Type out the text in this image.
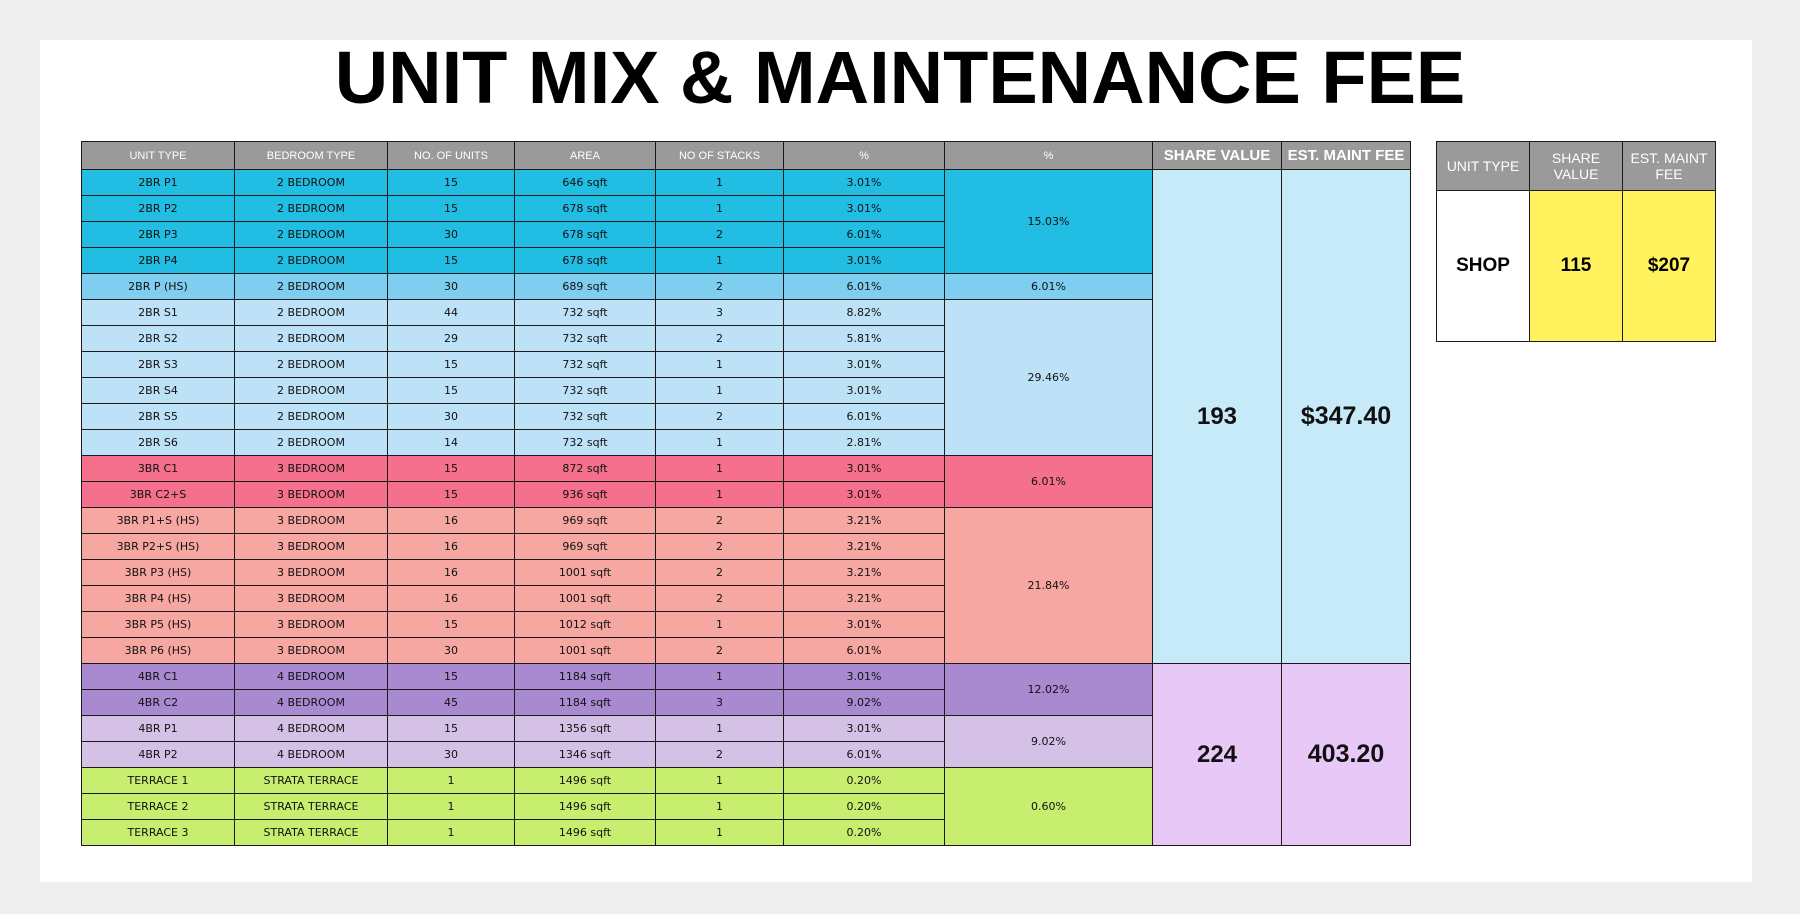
UNIT MIX & MAINTENANCE FEE
UNIT TYPE	BEDROOM TYPE	NO. OF UNITS	AREA	NO OF STACKS	%	%	SHARE VALUE	EST. MAINT FEE
2BR P1	2 BEDROOM	15	646 sqft	1	3.01%	15.03%	193	$347.40
2BR P2	2 BEDROOM	15	678 sqft	1	3.01%			
2BR P3	2 BEDROOM	30	678 sqft	2	6.01%			
2BR P4	2 BEDROOM	15	678 sqft	1	3.01%			
2BR P (HS)	2 BEDROOM	30	689 sqft	2	6.01%	6.01%		
2BR S1	2 BEDROOM	44	732 sqft	3	8.82%	29.46%		
2BR S2	2 BEDROOM	29	732 sqft	2	5.81%			
2BR S3	2 BEDROOM	15	732 sqft	1	3.01%			
2BR S4	2 BEDROOM	15	732 sqft	1	3.01%			
2BR S5	2 BEDROOM	30	732 sqft	2	6.01%			
2BR S6	2 BEDROOM	14	732 sqft	1	2.81%			
3BR C1	3 BEDROOM	15	872 sqft	1	3.01%	6.01%		
3BR C2+S	3 BEDROOM	15	936 sqft	1	3.01%			
3BR P1+S (HS)	3 BEDROOM	16	969 sqft	2	3.21%	21.84%		
3BR P2+S (HS)	3 BEDROOM	16	969 sqft	2	3.21%			
3BR P3 (HS)	3 BEDROOM	16	1001 sqft	2	3.21%			
3BR P4 (HS)	3 BEDROOM	16	1001 sqft	2	3.21%			
3BR P5 (HS)	3 BEDROOM	15	1012 sqft	1	3.01%			
3BR P6 (HS)	3 BEDROOM	30	1001 sqft	2	6.01%			
4BR C1	4 BEDROOM	15	1184 sqft	1	3.01%	12.02%	224	403.20
4BR C2	4 BEDROOM	45	1184 sqft	3	9.02%			
4BR P1	4 BEDROOM	15	1356 sqft	1	3.01%	9.02%		
4BR P2	4 BEDROOM	30	1346 sqft	2	6.01%			
TERRACE 1	STRATA TERRACE	1	1496 sqft	1	0.20%	0.60%		
TERRACE 2	STRATA TERRACE	1	1496 sqft	1	0.20%			
TERRACE 3	STRATA TERRACE	1	1496 sqft	1	0.20%			
UNIT TYPE	SHARE VALUE	EST. MAINT FEE
SHOP	115	$207
